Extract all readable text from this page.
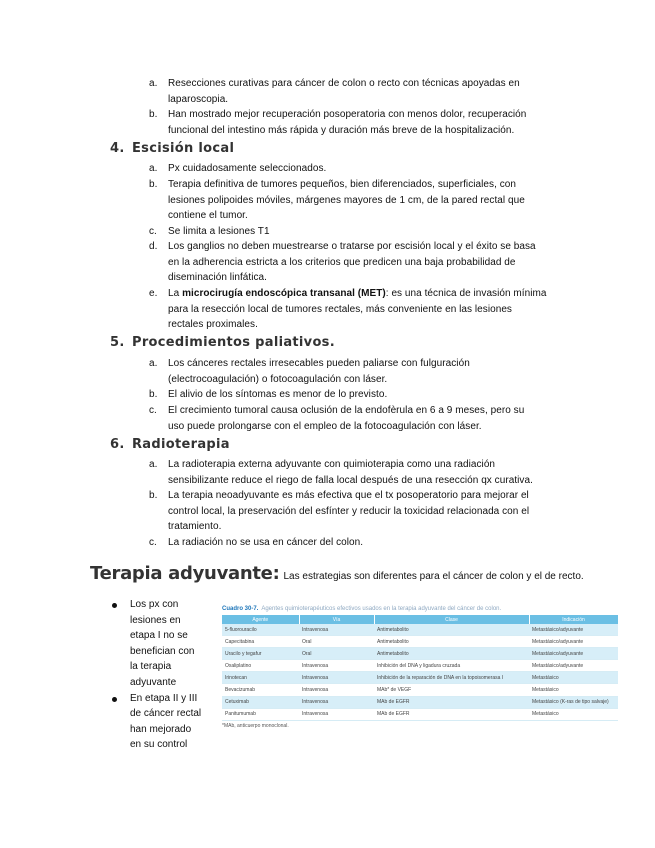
a. Resecciones curativas para cáncer de colon o recto con técnicas apoyadas en
laparoscopia.
b. Han mostrado mejor recuperación posoperatoria con menos dolor, recuperación
funcional del intestino más rápida y duración más breve de la hospitalización.
4. Escisión local
a. Px cuidadosamente seleccionados.
b. Terapia definitiva de tumores pequeños, bien diferenciados, superficiales, con
lesiones polipoides móviles, márgenes mayores de 1 cm, de la pared rectal que
contiene el tumor.
c. Se limita a lesiones T1
d. Los ganglios no deben muestrearse o tratarse por escisión local y el éxito se basa
en la adherencia estricta a los criterios que predicen una baja probabilidad de
diseminación linfática.
e. La microcirugía endoscópica transanal (MET): es una técnica de invasión mínima
para la resección local de tumores rectales, más conveniente en las lesiones
rectales proximales.
5. Procedimientos paliativos.
a. Los cánceres rectales irresecables pueden paliarse con fulguración
(electrocoagulación) o fotocoagulación con láser.
b. El alivio de los síntomas es menor de lo previsto.
c. El crecimiento tumoral causa oclusión de la endofèrula en 6 a 9 meses, pero su
uso puede prolongarse con el empleo de la fotocoagulación con láser.
6. Radioterapia
a. La radioterapia externa adyuvante con quimioterapia como una radiación
sensibilizante reduce el riego de falla local después de una resección qx curativa.
b. La terapia neoadyuvante es más efectiva que el tx posoperatorio para mejorar el
control local, la preservación del esfínter y reducir la toxicidad relacionada con el
tratamiento.
c. La radiación no se usa en cáncer del colon.
Terapia adyuvante: Las estrategias son diferentes para el cáncer de colon y el de recto.
Los px con
lesiones en
etapa I no se
benefician con
la terapia
adyuvante
En etapa II y III
de cáncer rectal
han mejorado
en su control
Cuadro 30-7. Agentes quimioterapéuticos efectivos usados en la terapia adyuvante del cáncer de colon.
Agente	Vía	Clase	Indicación
5-fluorouracilo	Intravenosa	Antimetabolito	Metastásico/adyuvante
Capecitabina	Oral	Antimetabolito	Metastásico/adyuvante
Uracilo y tegafur	Oral	Antimetabolito	Metastásico/adyuvante
Oxaliplatino	Intravenosa	Inhibición del DNA y ligadura cruzada	Metastásico/adyuvante
Irinotecan	Intravenosa	Inhibición de la reparación de DNA en la topoisomerasa I	Metastásico
Bevacizumab	Intravenosa	MAb* de VEGF	Metastásico
Cetuximab	Intravenosa	MAb de EGFR	Metastásico (K-ras de tipo salvaje)
Panitumumab	Intravenosa	MAb de EGFR	Metastásico
*MAb, anticuerpo monoclonal.
